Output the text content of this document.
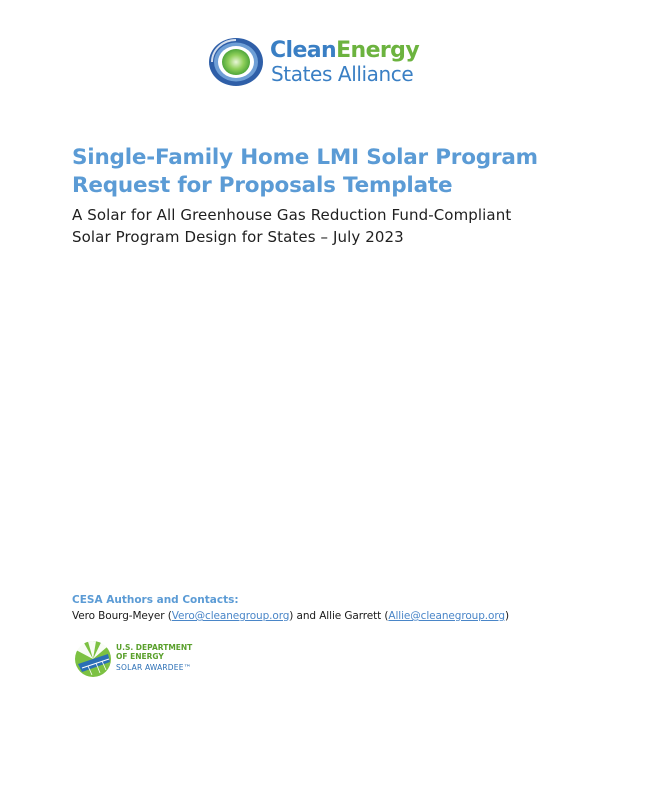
CleanEnergy
States Alliance
Single-Family Home LMI Solar Program
Request for Proposals Template

A Solar for All Greenhouse Gas Reduction Fund-Compliant
Solar Program Design for States – July 2023

CESA Authors and Contacts:

Vero Bourg-Meyer (Vero@cleanegroup.org) and Allie Garrett (Allie@cleanegroup.org)

U.S. DEPARTMENT
OF ENERGY
SOLAR AWARDEE™
